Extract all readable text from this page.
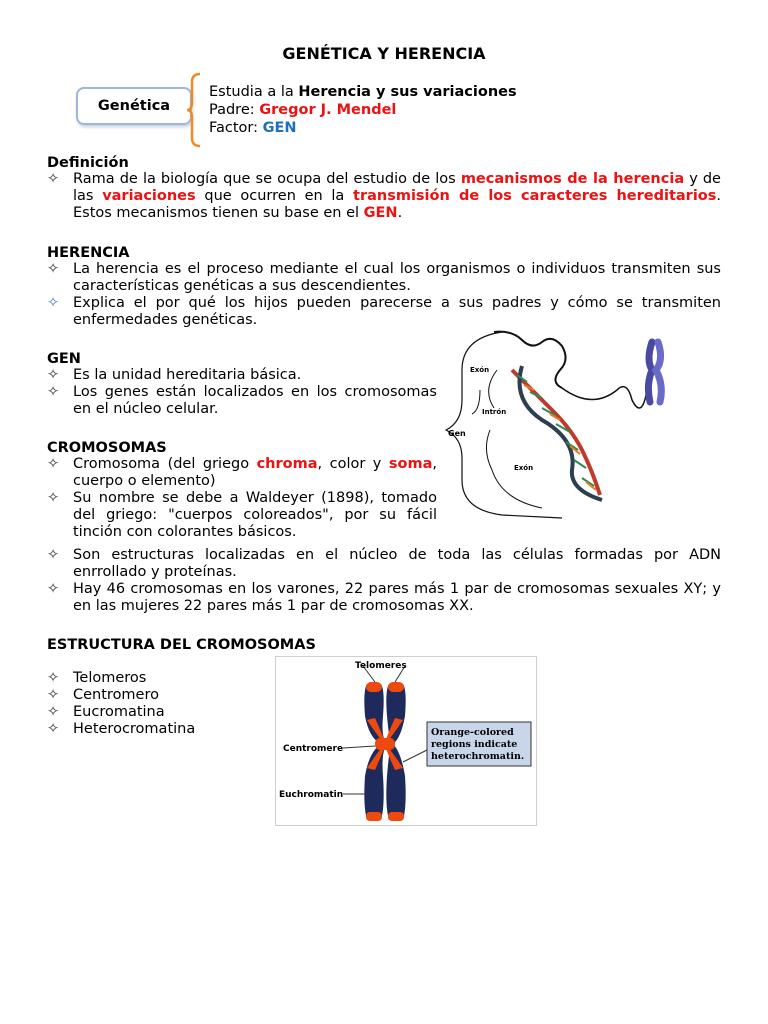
GENÉTICA Y HERENCIA
Genética
Estudia a la Herencia y sus variaciones
Padre: Gregor J. Mendel
Factor: GEN
Definición
✧ Rama de la biología que se ocupa del estudio de los mecanismos de la herencia y de las variaciones que ocurren en la transmisión de los caracteres hereditarios. Estos mecanismos tienen su base en el GEN.
HERENCIA
✧ La herencia es el proceso mediante el cual los organismos o individuos transmiten sus características genéticas a sus descendientes.
✧ Explica el por qué los hijos pueden parecerse a sus padres y cómo se transmiten enfermedades genéticas.
GEN
✧ Es la unidad hereditaria básica.
✧ Los genes están localizados en los cromosomas en el núcleo celular.
Exón
Intrón
Gen
Exón
CROMOSOMAS
✧ Cromosoma (del griego chroma, color y soma, cuerpo o elemento)
✧ Su nombre se debe a Waldeyer (1898), tomado del griego: "cuerpos coloreados", por su fácil tinción con colorantes básicos.
✧ Son estructuras localizadas en el núcleo de toda las células formadas por ADN enrrollado y proteínas.
✧ Hay 46 cromosomas en los varones, 22 pares más 1 par de cromosomas sexuales XY; y en las mujeres 22 pares más 1 par de cromosomas XX.
ESTRUCTURA DEL CROMOSOMAS
✧ Telomeros
✧ Centromero
✧ Eucromatina
✧ Heterocromatina	Orange-colored
regions indicate
heterochromatin.
Telomeres
Centromere
Euchromatin
